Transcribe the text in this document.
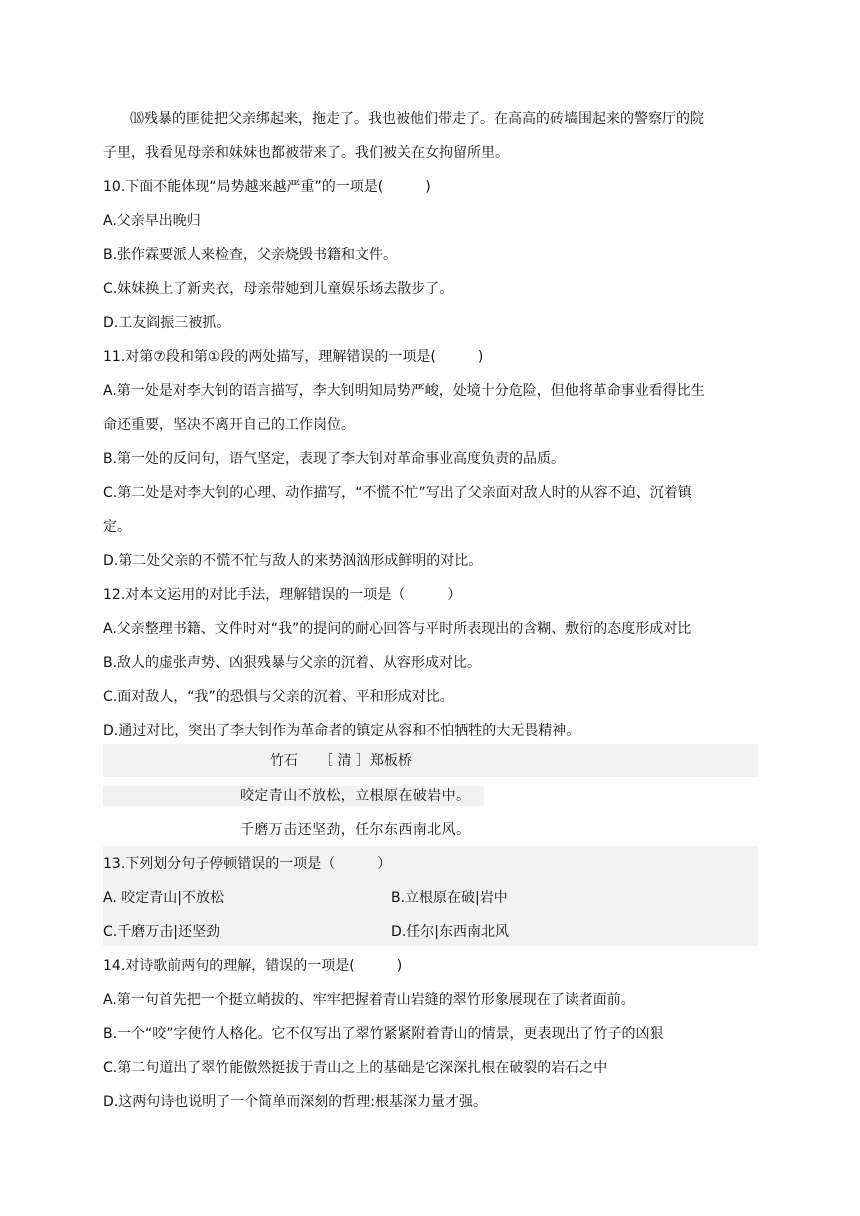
⒅残暴的匪徒把父亲绑起来，拖走了。我也被他们带走了。在高高的砖墙围起来的警察厅的院
子里，我看见母亲和妹妹也都被带来了。我们被关在女拘留所里。
10.下面不能体现“局势越来越严重”的一项是(　　　)
A.父亲早出晚归
B.张作霖要派人来检查，父亲烧毁书籍和文件。
C.妹妹换上了新夹衣，母亲带她到儿童娱乐场去散步了。
D.工友阎振三被抓。
11.对第⑦段和第①段的两处描写，理解错误的一项是(　　　)
A.第一处是对李大钊的语言描写，李大钊明知局势严峻，处境十分危险，但他将革命事业看得比生
命还重要，坚决不离开自己的工作岗位。
B.第一处的反问句，语气坚定，表现了李大钊对革命事业高度负责的品质。
C.第二处是对李大钊的心理、动作描写，“不慌不忙”写出了父亲面对敌人时的从容不迫、沉着镇
定。
D.第二处父亲的不慌不忙与敌人的来势汹汹形成鲜明的对比。
12.对本文运用的对比手法，理解错误的一项是（　　　）
A.父亲整理书籍、文件时对“我”的提问的耐心回答与平时所表现出的含糊、敷衍的态度形成对比
B.敌人的虚张声势、凶狠残暴与父亲的沉着、从容形成对比。
C.面对敌人，“我”的恐惧与父亲的沉着、平和形成对比。
D.通过对比，突出了李大钊作为革命者的镇定从容和不怕牺牲的大无畏精神。
竹石　　［ 清 ］郑板桥
咬定青山不放松，立根原在破岩中。
千磨万击还坚劲，任尔东西南北风。
13.下列划分句子停顿错误的一项是（　　　）
A. 咬定青山|不放松	B.立根原在破|岩中
C.千磨万击|还坚劲	D.任尔|东西南北风
14.对诗歌前两句的理解，错误的一项是(　　　)
A.第一句首先把一个挺立峭拔的、牢牢把握着青山岩缝的翠竹形象展现在了读者面前。
B.一个“咬”字使竹人格化。它不仅写出了翠竹紧紧附着青山的情景，更表现出了竹子的凶狠
C.第二句道出了翠竹能傲然挺拔于青山之上的基础是它深深扎根在破裂的岩石之中
D.这两句诗也说明了一个简单而深刻的哲理:根基深力量才强。
